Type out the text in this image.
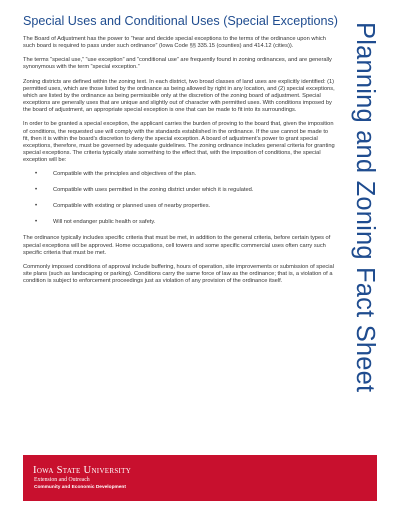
Special Uses and Conditional Uses (Special Exceptions)

The Board of Adjustment has the power to “hear and decide special exceptions to the terms of the ordinance upon which such board is required to pass under such ordinance” (Iowa Code §§ 335.15 (counties) and 414.12 (cities)).

The terms “special use,” “use exception” and “conditional use” are frequently found in zoning ordinances, and are generally synonymous with the term “special exception.”

Zoning districts are defined within the zoning text. In each district, two broad classes of land uses are explicitly identified: (1) permitted uses, which are those listed by the ordinance as being allowed by right in any location, and (2) special exceptions, which are listed by the ordinance as being permissible only at the discretion of the zoning board of adjustment. Special exceptions are generally uses that are unique and slightly out of character with permitted uses. With conditions imposed by the board of adjustment, an appropriate special exception is one that can be made to fit into its surroundings.

In order to be granted a special exception, the applicant carries the burden of proving to the board that, given the imposition of conditions, the requested use will comply with the standards established in the ordinance. If the use cannot be made to fit, then it is within the board’s discretion to deny the special exception. A board of adjustment’s power to grant special exceptions, therefore, must be governed by adequate guidelines. The zoning ordinance includes general criteria for granting special exceptions. The criteria typically state something to the effect that, with the imposition of conditions, the special exception will be:

•	Compatible with the principles and objectives of the plan.
•	Compatible with uses permitted in the zoning district under which it is regulated.
•	Compatible with existing or planned uses of nearby properties.
•	Will not endanger public health or safety.

The ordinance typically includes specific criteria that must be met, in addition to the general criteria, before certain types of special exceptions will be approved. Home occupations, cell towers and some specific commercial uses often carry such specific criteria that must be met.

Commonly imposed conditions of approval include buffering, hours of operation, site improvements or submission of special site plans (such as landscaping or parking). Conditions carry the same force of law as the ordinance; that is, a violation of a condition is subject to enforcement proceedings just as violation of any provision of the ordinance itself.	Planning and Zoning Fact Sheet
Iowa State University
Extension and Outreach
Community and Economic Development
